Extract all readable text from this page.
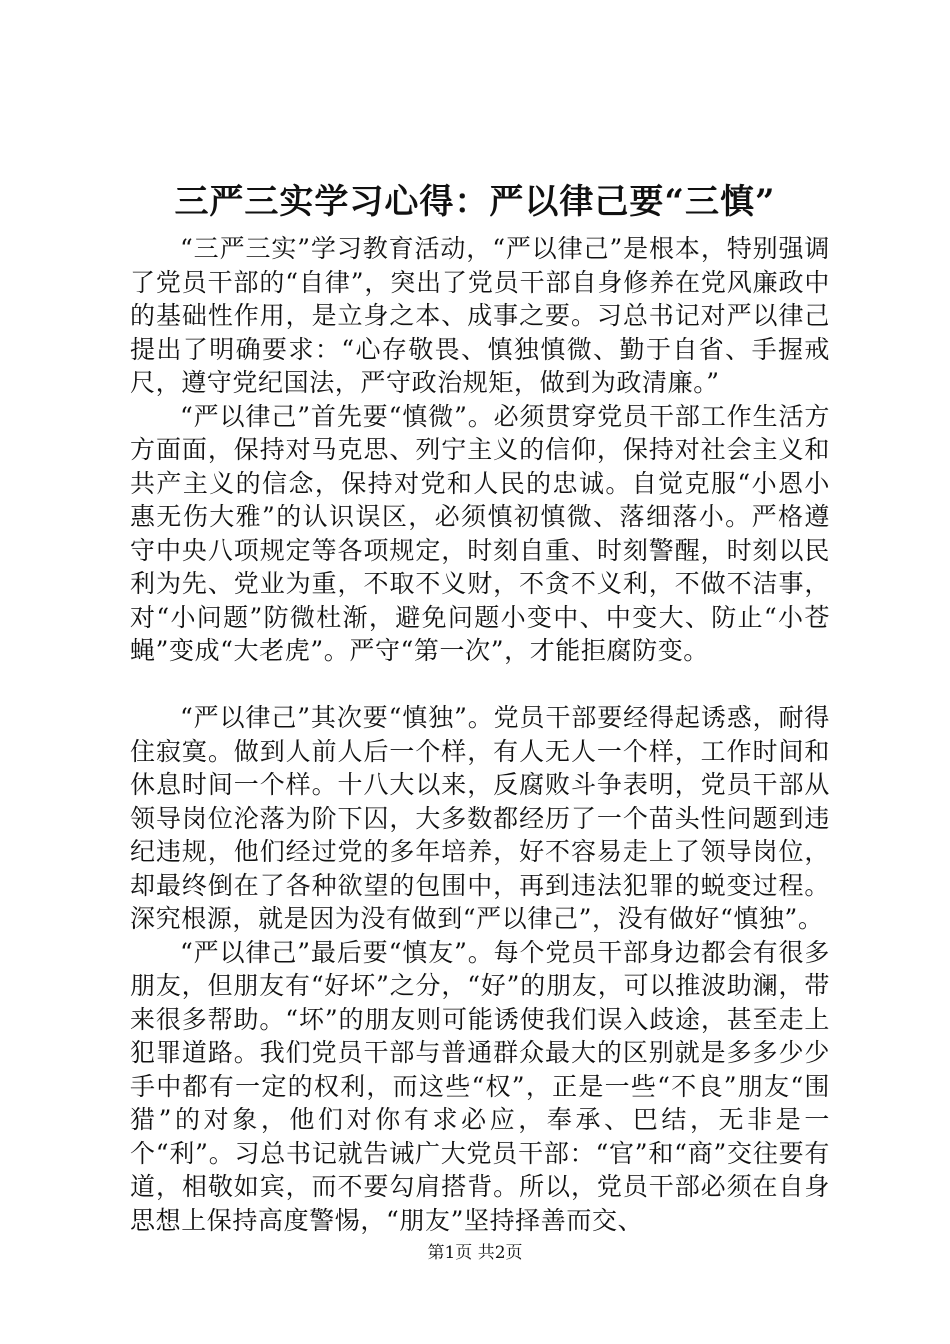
三严三实学习心得：严以律己要“三慎”

“三严三实”学习教育活动，“严以律己”是根本，特别强调了党员干部的“自律”，突出了党员干部自身修养在党风廉政中的基础性作用，是立身之本、成事之要。习总书记对严以律己提出了明确要求：“心存敬畏、慎独慎微、勤于自省、手握戒尺，遵守党纪国法，严守政治规矩，做到为政清廉。”

“严以律己”首先要“慎微”。必须贯穿党员干部工作生活方方面面，保持对马克思、列宁主义的信仰，保持对社会主义和共产主义的信念，保持对党和人民的忠诚。自觉克服“小恩小惠无伤大雅”的认识误区，必须慎初慎微、落细落小。严格遵守中央八项规定等各项规定，时刻自重、时刻警醒，时刻以民利为先、党业为重，不取不义财，不贪不义利，不做不洁事，对“小问题”防微杜渐，避免问题小变中、中变大、防止“小苍蝇”变成“大老虎”。严守“第一次”，才能拒腐防变。

“严以律己”其次要“慎独”。党员干部要经得起诱惑，耐得住寂寞。做到人前人后一个样，有人无人一个样，工作时间和休息时间一个样。十八大以来，反腐败斗争表明，党员干部从领导岗位沦落为阶下囚，大多数都经历了一个苗头性问题到违纪违规，他们经过党的多年培养，好不容易走上了领导岗位，却最终倒在了各种欲望的包围中，再到违法犯罪的蜕变过程。深究根源，就是因为没有做到“严以律己”，没有做好“慎独”。

“严以律己”最后要“慎友”。每个党员干部身边都会有很多朋友，但朋友有“好坏”之分，“好”的朋友，可以推波助澜，带来很多帮助。“坏”的朋友则可能诱使我们误入歧途，甚至走上犯罪道路。我们党员干部与普通群众最大的区别就是多多少少手中都有一定的权利，而这些“权”，正是一些“不良”朋友“围猎”的对象，他们对你有求必应，奉承、巴结，无非是一个“利”。习总书记就告诫广大党员干部：“官”和“商”交往要有道，相敬如宾，而不要勾肩搭背。所以，党员干部必须在自身思想上保持高度警惕，“朋友”坚持择善而交、

第1页 共2页
